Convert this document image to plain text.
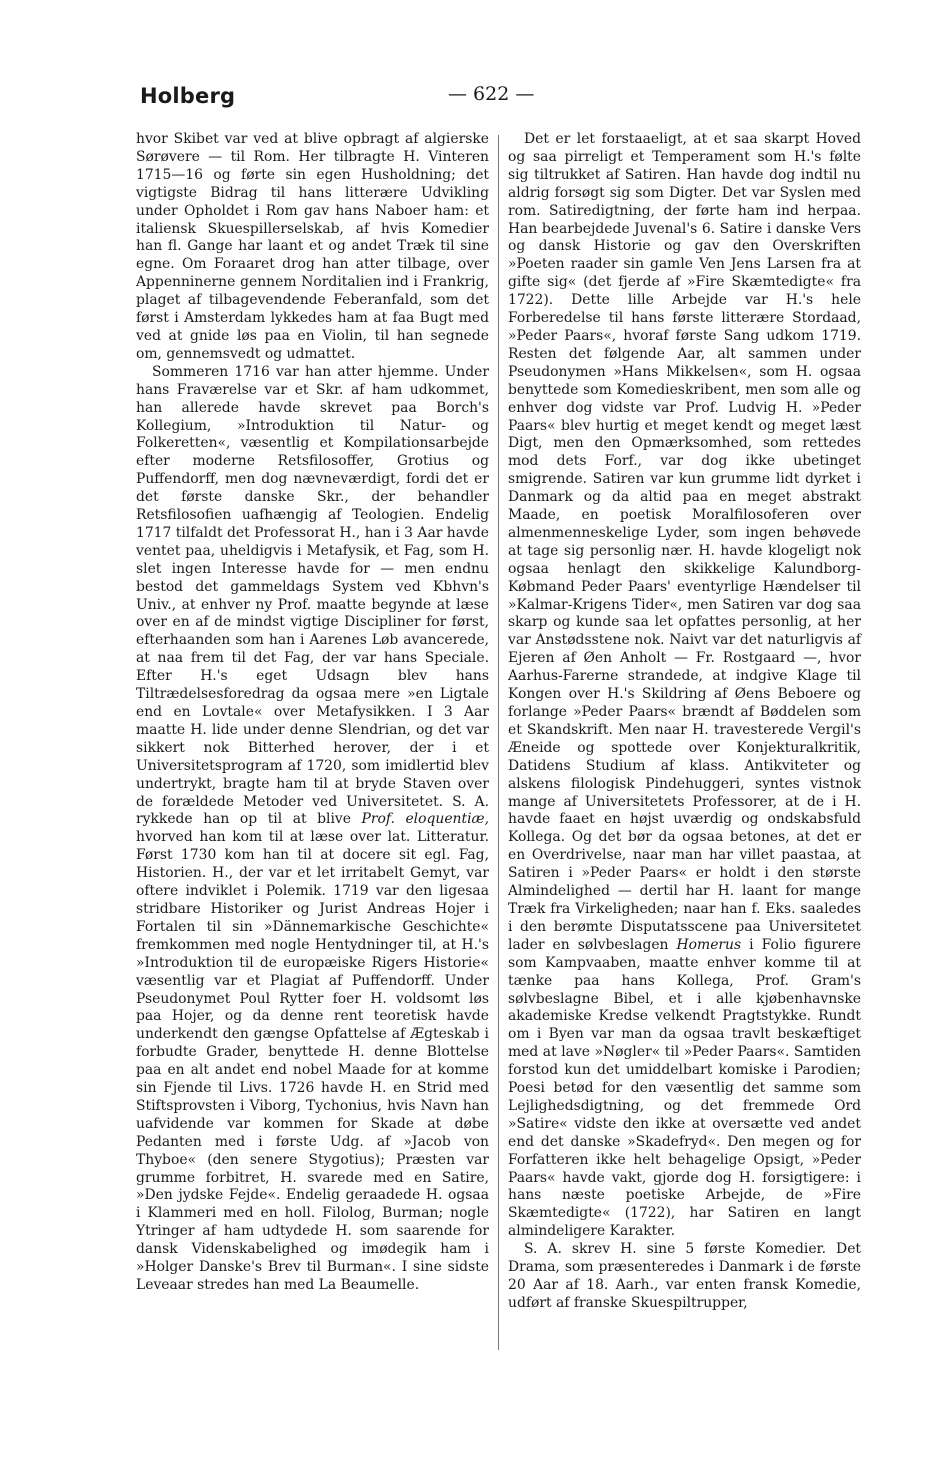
Holberg	— 622 —

hvor Skibet var ved at blive opbragt af algierske Sørøvere — til Rom. Her tilbragte H. Vinteren 1715—16 og førte sin egen Husholdning; det vigtigste Bidrag til hans litterære Udvikling under Opholdet i Rom gav hans Naboer ham: et italiensk Skuespillerselskab, af hvis Komedier han fl. Gange har laant et og andet Træk til sine egne. Om Foraaret drog han atter tilbage, over Appenninerne gennem Norditalien ind i Frankrig, plaget af tilbagevendende Feberanfald, som det først i Amsterdam lykkedes ham at faa Bugt med ved at gnide løs paa en Violin, til han segnede om, gennemsvedt og udmattet.

Sommeren 1716 var han atter hjemme. Under hans Fraværelse var et Skr. af ham udkommet, han allerede havde skrevet paa Borch's Kollegium, »Introduktion til Natur- og Folkeretten«, væsentlig et Kompilationsarbejde efter moderne Retsfilosoffer, Grotius og Puffendorff, men dog nævneværdigt, fordi det er det første danske Skr., der behandler Retsfilosofien uafhængig af Teologien. Endelig 1717 tilfaldt det Professorat H., han i 3 Aar havde ventet paa, uheldigvis i Metafysik, et Fag, som H. slet ingen Interesse havde for — men endnu bestod det gammeldags System ved Kbhvn's Univ., at enhver ny Prof. maatte begynde at læse over en af de mindst vigtige Discipliner for først, efterhaanden som han i Aarenes Løb avancerede, at naa frem til det Fag, der var hans Speciale. Efter H.'s eget Udsagn blev hans Tiltrædelsesforedrag da ogsaa mere »en Ligtale end en Lovtale« over Metafysikken. I 3 Aar maatte H. lide under denne Slendrian, og det var sikkert nok Bitterhed herover, der i et Universitetsprogram af 1720, som imidlertid blev undertrykt, bragte ham til at bryde Staven over de forældede Metoder ved Universitetet. S. A. rykkede han op til at blive Prof. eloquentiæ, hvorved han kom til at læse over lat. Litteratur. Først 1730 kom han til at docere sit egl. Fag, Historien. H., der var et let irritabelt Gemyt, var oftere indviklet i Polemik. 1719 var den ligesaa stridbare Historiker og Jurist Andreas Hojer i Fortalen til sin »Dännemarkische Geschichte« fremkommen med nogle Hentydninger til, at H.'s »Introduktion til de europæiske Rigers Historie« væsentlig var et Plagiat af Puffendorff. Under Pseudonymet Poul Rytter foer H. voldsomt løs paa Hojer, og da denne rent teoretisk havde underkendt den gængse Opfattelse af Ægteskab i forbudte Grader, benyttede H. denne Blottelse paa en alt andet end nobel Maade for at komme sin Fjende til Livs. 1726 havde H. en Strid med Stiftsprovsten i Viborg, Tychonius, hvis Navn han uafvidende var kommen for Skade at døbe Pedanten med i første Udg. af »Jacob von Thyboe« (den senere Stygotius); Præsten var grumme forbitret, H. svarede med en Satire, »Den jydske Fejde«. Endelig geraadede H. ogsaa i Klammeri med en holl. Filolog, Burman; nogle Ytringer af ham udtydede H. som saarende for dansk Videnskabelighed og imødegik ham i »Holger Danske's Brev til Burman«. I sine sidste Leveaar stredes han med La Beaumelle.

Det er let forstaaeligt, at et saa skarpt Hoved og saa pirreligt et Temperament som H.'s følte sig tiltrukket af Satiren. Han havde dog indtil nu aldrig forsøgt sig som Digter. Det var Syslen med rom. Satiredigtning, der førte ham ind herpaa. Han bearbejdede Juvenal's 6. Satire i danske Vers og dansk Historie og gav den Overskriften »Poeten raader sin gamle Ven Jens Larsen fra at gifte sig« (det fjerde af »Fire Skæmtedigte« fra 1722). Dette lille Arbejde var H.'s hele Forberedelse til hans første litterære Stordaad, »Peder Paars«, hvoraf første Sang udkom 1719. Resten det følgende Aar, alt sammen under Pseudonymen »Hans Mikkelsen«, som H. ogsaa benyttede som Komedieskribent, men som alle og enhver dog vidste var Prof. Ludvig H. »Peder Paars« blev hurtig et meget kendt og meget læst Digt, men den Opmærksomhed, som rettedes mod dets Forf., var dog ikke ubetinget smigrende. Satiren var kun grumme lidt dyrket i Danmark og da altid paa en meget abstrakt Maade, en poetisk Moralfilosoferen over almenmenneskelige Lyder, som ingen behøvede at tage sig personlig nær. H. havde klogeligt nok ogsaa henlagt den skikkelige Kalundborg-Købmand Peder Paars' eventyrlige Hændelser til »Kalmar-Krigens Tider«, men Satiren var dog saa skarp og kunde saa let opfattes personlig, at her var Anstødsstene nok. Naivt var det naturligvis af Ejeren af Øen Anholt — Fr. Rostgaard —, hvor Aarhus-Farerne strandede, at indgive Klage til Kongen over H.'s Skildring af Øens Beboere og forlange »Peder Paars« brændt af Bøddelen som et Skandskrift. Men naar H. travesterede Vergil's Æneide og spottede over Konjekturalkritik, Datidens Studium af klass. Antikviteter og alskens filologisk Pindehuggeri, syntes vistnok mange af Universitetets Professorer, at de i H. havde faaet en højst uværdig og ondskabsfuld Kollega. Og det bør da ogsaa betones, at det er en Overdrivelse, naar man har villet paastaa, at Satiren i »Peder Paars« er holdt i den største Almindelighed — dertil har H. laant for mange Træk fra Virkeligheden; naar han f. Eks. saaledes i den berømte Disputatsscene paa Universitetet lader en sølvbeslagen Homerus i Folio figurere som Kampvaaben, maatte enhver komme til at tænke paa hans Kollega, Prof. Gram's sølvbeslagne Bibel, et i alle kjøbenhavnske akademiske Kredse velkendt Pragtstykke. Rundt om i Byen var man da ogsaa travlt beskæftiget med at lave »Nøgler« til »Peder Paars«. Samtiden forstod kun det umiddelbart komiske i Parodien; Poesi betød for den væsentlig det samme som Lejlighedsdigtning, og det fremmede Ord »Satire« vidste den ikke at oversætte ved andet end det danske »Skadefryd«. Den megen og for Forfatteren ikke helt behagelige Opsigt, »Peder Paars« havde vakt, gjorde dog H. forsigtigere: i hans næste poetiske Arbejde, de »Fire Skæmtedigte« (1722), har Satiren en langt almindeligere Karakter.

S. A. skrev H. sine 5 første Komedier. Det Drama, som præsenteredes i Danmark i de første 20 Aar af 18. Aarh., var enten fransk Komedie, udført af franske Skuespiltrupper,
